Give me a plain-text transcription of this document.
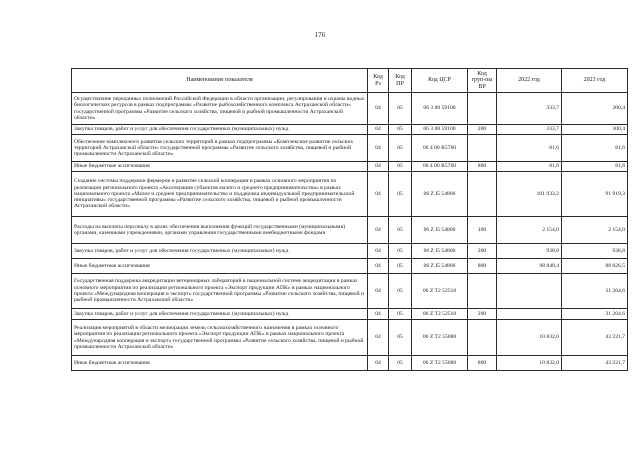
176
Наименование показателя	Код Рз	Код ПР	Код ЦСР	Код груп-пы ВР	2022 год	2023 год
Осуществление переданных полномочий Российской Федерации в области организации, регулирования и охраны водных биологических ресурсов в рамках подпрограммы «Развитие рыбохозяйственного комплекса Астраханской области» государственной программы «Развитие сельского хозяйства, пищевой и рыбной промышленности Астраханской области»	04	05	06 3 00 59100		333,7	300,4
Закупка товаров, работ и услуг для обеспечения государственных (муниципальных) нужд	04	05	06 3 00 59100	200	333,7	300,4
Обеспечение комплексного развития сельских территорий в рамках подпрограммы «Комплексное развитие сельских территорий Астраханской области» государственной программы «Развитие сельского хозяйства, пищевой и рыбной промышленности Астраханской области»	04	05	06 4 00 R5760		81,6	81,6
Иные бюджетные ассигнования	04	05	06 4 00 R5760	800	81,6	81,6
Создание системы поддержки фермеров и развитие сельской кооперации в рамках основного мероприятия по реализации регионального проекта «Акселерация субъектов малого и среднего предпринимательства» в рамках национального проекта «Малое и среднее предпринимательство и поддержка индивидуальной предпринимательской инициативы» государственной программы «Развитие сельского хозяйства, пищевой и рыбной промышленности Астраханской области»	04	05	06 Z I5 54800		101 933,2	91 919,3
Расходы на выплаты персоналу в целях обеспечения выполнения функций государственными (муниципальными) органами, казенными учреждениями, органами управления государственными внебюджетными фондами	04	05	06 Z I5 54800	100	2 154,0	2 154,0
Закупка товаров, работ и услуг для обеспечения государственных (муниципальных) нужд	04	05	06 Z I5 54800	200	938,8	938,8
Иные бюджетные ассигнования	04	05	06 Z I5 54800	800	98 840,4	88 826,5
Государственная поддержка аккредитации ветеринарных лабораторий в национальной системе аккредитации в рамках основного мероприятия по реализации регионального проекта «Экспорт продукции АПК» в рамках национального проекта «Международная кооперация и экспорт» государственной программы «Развитие сельского хозяйства, пищевой и рыбной промышленности Астраханской области»	04	05	06 Z T2 52510			31 264,6
Закупка товаров, работ и услуг для обеспечения государственных (муниципальных) нужд	04	05	06 Z T2 52510	200		31 264,6
Реализация мероприятий в области мелиорации земель сельскохозяйственного назначения в рамках основного мероприятия по реализации регионального проекта «Экспорт продукции АПК» в рамках национального проекта «Международная кооперация и экспорт» государственной программы «Развитие сельского хозяйства, пищевой и рыбной промышленности Астраханской области»	04	05	06 Z T2 55680		10 832,0	43 221,7
Иные бюджетные ассигнования	04	05	06 Z T2 55680	800	10 832,0	43 221,7
